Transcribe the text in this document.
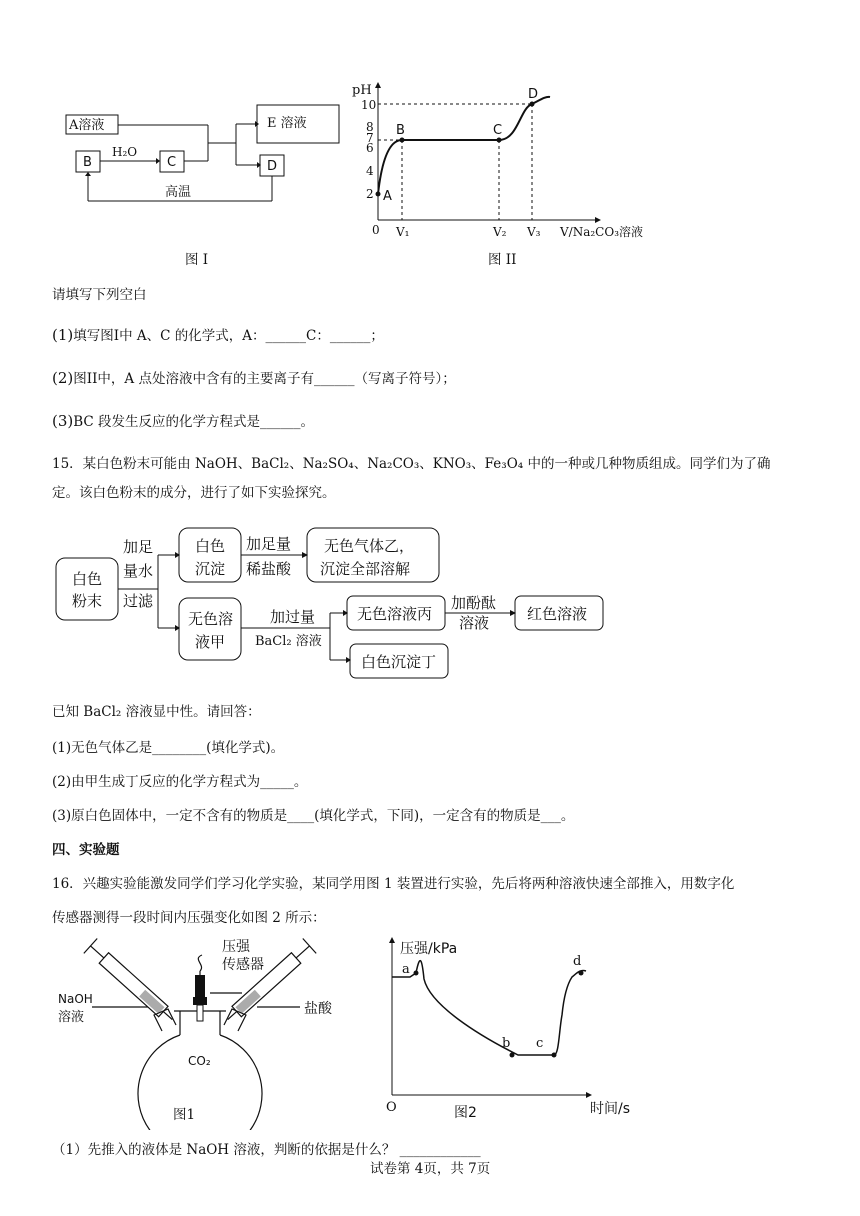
A溶液
B	C	D
E 溶液
H₂O
高温
图 I
pH
10
8
7
6
4
2
0
A
B	C
D
V₁	V₂ V₃ V/Na₂CO₃溶液
图 II
请填写下列空白
(1)填写图I中 A、C 的化学式，A：______C：______；
(2)图II中，A 点处溶液中含有的主要离子有______（写离子符号）；
(3)BC 段发生反应的化学方程式是______。
15．某白色粉末可能由 NaOH、BaCl₂、Na₂SO₄、Na₂CO₃、KNO₃、Fe₃O₄ 中的一种或几种物质组成。同学们为了确
定。该白色粉末的成分，进行了如下实验探究。
白色
粉末
加足
量水
过滤
白色
沉淀
加足量
稀盐酸
无色气体乙，
沉淀全部溶解
无色溶
液甲
加过量	无色溶液丙
加酚酞
溶液	红色溶液
白色沉淀丁
BaCl₂ 溶液
已知 BaCl₂ 溶液显中性。请回答：
(1)无色气体乙是________(填化学式)。
(2)由甲生成丁反应的化学方程式为_____。
(3)原白色固体中，一定不含有的物质是____(填化学式，下同)，一定含有的物质是___。
四、实验题
16．兴趣实验能激发同学们学习化学实验，某同学用图 1 装置进行实验，先后将两种溶液快速全部推入，用数字化
传感器测得一段时间内压强变化如图 2 所示：
NaOH
溶液
压强
传感器
盐酸
CO₂
图1
压强/kPa
a
b c
d
O	时间/s
图2
（1）先推入的液体是 NaOH 溶液，判断的依据是什么？ ____________
试卷第 4页，共 7页
